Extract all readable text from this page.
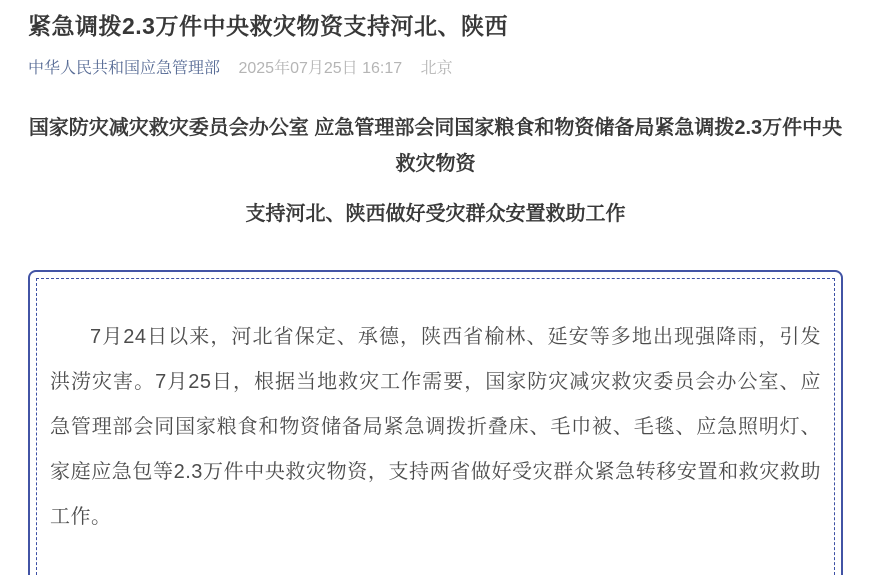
紧急调拨2.3万件中央救灾物资支持河北、陕西
中华人民共和国应急管理部 2025年07月25日 16:17 北京

国家防灾减灾救灾委员会办公室 应急管理部会同国家粮食和物资储备局紧急调拨2.3万件中央救灾物资

支持河北、陕西做好受灾群众安置救助工作

7月24日以来，河北省保定、承德，陕西省榆林、延安等多地出现强降雨，引发洪涝灾害。7月25日，根据当地救灾工作需要，国家防灾减灾救灾委员会办公室、应急管理部会同国家粮食和物资储备局紧急调拨折叠床、毛巾被、毛毯、应急照明灯、家庭应急包等2.3万件中央救灾物资，支持两省做好受灾群众紧急转移安置和救灾救助工作。
